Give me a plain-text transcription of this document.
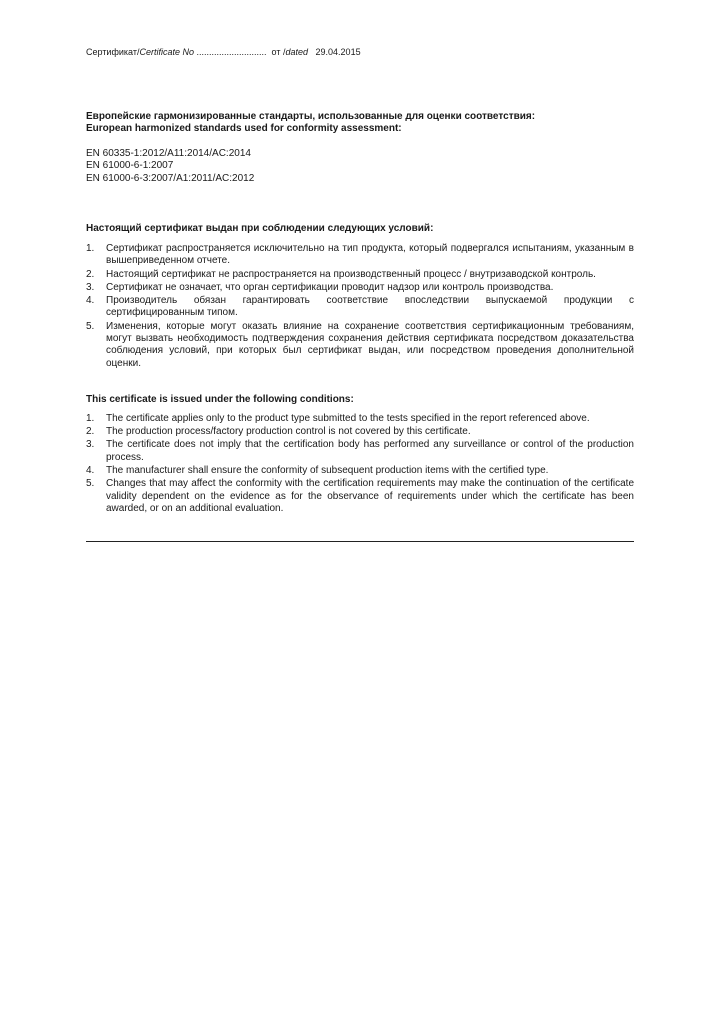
Сертификат/Certificate No ............................ от /dated 29.04.2015
Европейские гармонизированные стандарты, использованные для оценки соответствия:
European harmonized standards used for conformity assessment:
EN 60335-1:2012/A11:2014/AC:2014
EN 61000-6-1:2007
EN 61000-6-3:2007/A1:2011/AC:2012
Настоящий сертификат выдан при соблюдении следующих условий:
1. Сертификат распространяется исключительно на тип продукта, который подвергался испытаниям, указанным в вышеприведенном отчете.
2. Настоящий сертификат не распространяется на производственный процесс / внутризаводской контроль.
3. Сертификат не означает, что орган сертификации проводит надзор или контроль производства.
4. Производитель обязан гарантировать соответствие впоследствии выпускаемой продукции с сертифицированным типом.
5. Изменения, которые могут оказать влияние на сохранение соответствия сертификационным требованиям, могут вызвать необходимость подтверждения сохранения действия сертификата посредством доказательства соблюдения условий, при которых был сертификат выдан, или посредством проведения дополнительной оценки.
This certificate is issued under the following conditions:
1. The certificate applies only to the product type submitted to the tests specified in the report referenced above.
2. The production process/factory production control is not covered by this certificate.
3. The certificate does not imply that the certification body has performed any surveillance or control of the production process.
4. The manufacturer shall ensure the conformity of subsequent production items with the certified type.
5. Changes that may affect the conformity with the certification requirements may make the continuation of the certificate validity dependent on the evidence as for the observance of requirements under which the certificate has been awarded, or on an additional evaluation.
